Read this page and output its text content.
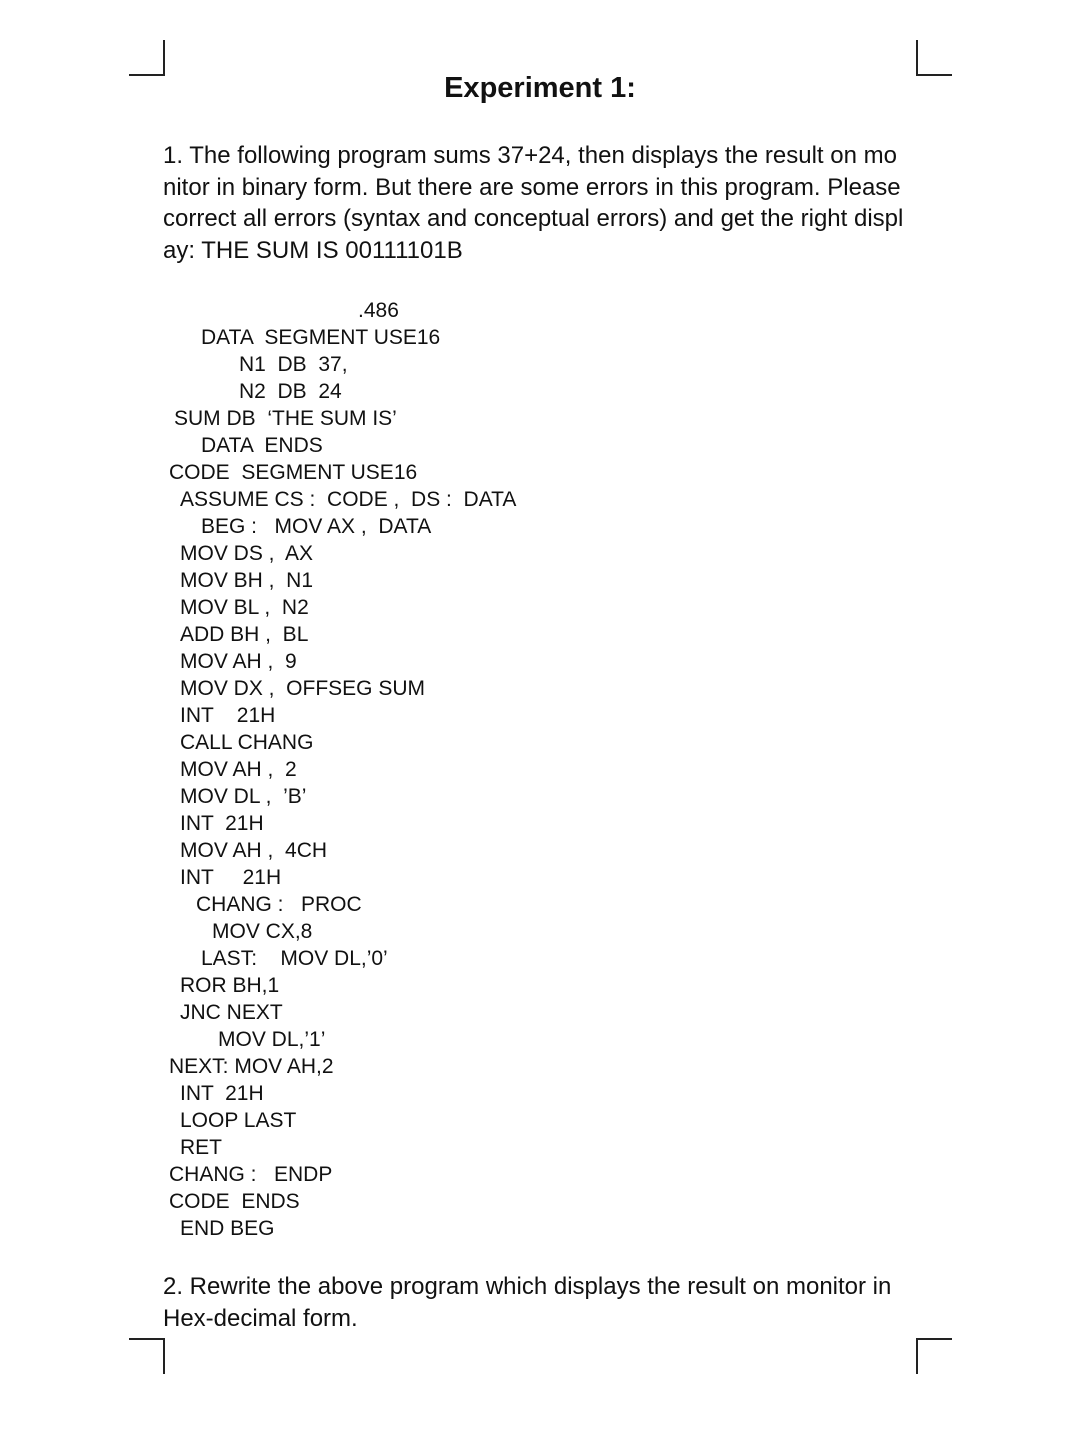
Experiment 1:
1. The following program sums 37+24, then displays the result on mo
nitor in binary form. But there are some errors in this program. Please
correct all errors (syntax and conceptual errors) and get the right displ
ay: THE SUM IS 00111101B
.486
DATA  SEGMENT USE16
N1  DB  37,
N2  DB  24
SUM DB  ‘THE SUM IS’
DATA  ENDS
CODE  SEGMENT USE16
ASSUME CS :  CODE ,  DS :  DATA
BEG :   MOV AX ,  DATA
MOV DS ,  AX
MOV BH ,  N1
MOV BL ,  N2
ADD BH ,  BL
MOV AH ,  9
MOV DX ,  OFFSEG SUM
INT    21H
CALL CHANG
MOV AH ,  2
MOV DL ,  ’B’
INT  21H
MOV AH ,  4CH
INT     21H
CHANG :   PROC
MOV CX,8
LAST:    MOV DL,’0’
ROR BH,1
JNC NEXT
MOV DL,’1’
NEXT: MOV AH,2
INT  21H
LOOP LAST
RET
CHANG :   ENDP
CODE  ENDS
END BEG
2. Rewrite the above program which displays the result on monitor in
Hex-decimal form.
